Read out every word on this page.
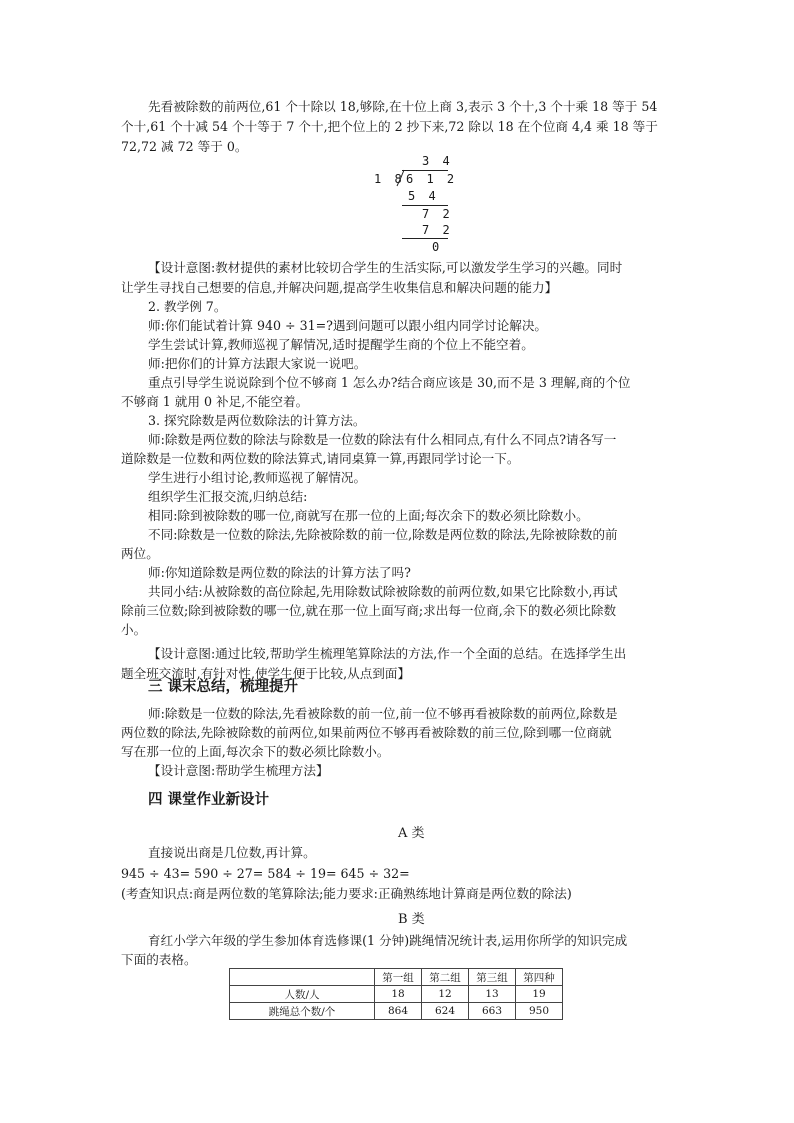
先看被除数的前两位,61 个十除以 18,够除,在十位上商 3,表示 3 个十,3 个十乘 18 等于 54
个十,61 个十减 54 个十等于 7 个十,把个位上的 2 抄下来,72 除以 18 在个位商 4,4 乘 18 等于
72,72 减 72 等于 0。
3 4
1 8 6 1 2
5 4
7 2
7 2
0
【设计意图:教材提供的素材比较切合学生的生活实际,可以激发学生学习的兴趣。同时
让学生寻找自己想要的信息,并解决问题,提高学生收集信息和解决问题的能力】
2. 教学例 7。
师:你们能试着计算 940 ÷ 31=?遇到问题可以跟小组内同学讨论解决。
学生尝试计算,教师巡视了解情况,适时提醒学生商的个位上不能空着。
师:把你们的计算方法跟大家说一说吧。
重点引导学生说说除到个位不够商 1 怎么办?结合商应该是 30,而不是 3 理解,商的个位
不够商 1 就用 0 补足,不能空着。
3. 探究除数是两位数除法的计算方法。
师:除数是两位数的除法与除数是一位数的除法有什么相同点,有什么不同点?请各写一
道除数是一位数和两位数的除法算式,请同桌算一算,再跟同学讨论一下。
学生进行小组讨论,教师巡视了解情况。
组织学生汇报交流,归纳总结:
相同:除到被除数的哪一位,商就写在那一位的上面;每次余下的数必须比除数小。
不同:除数是一位数的除法,先除被除数的前一位,除数是两位数的除法,先除被除数的前
两位。
师:你知道除数是两位数的除法的计算方法了吗?
共同小结:从被除数的高位除起,先用除数试除被除数的前两位数,如果它比除数小,再试
除前三位数;除到被除数的哪一位,就在那一位上面写商;求出每一位商,余下的数必须比除数
小。
【设计意图:通过比较,帮助学生梳理笔算除法的方法,作一个全面的总结。在选择学生出
题全班交流时,有针对性,使学生便于比较,从点到面】
三 课末总结，梳理提升
师:除数是一位数的除法,先看被除数的前一位,前一位不够再看被除数的前两位,除数是
两位数的除法,先除被除数的前两位,如果前两位不够再看被除数的前三位,除到哪一位商就
写在那一位的上面,每次余下的数必须比除数小。
【设计意图:帮助学生梳理方法】
四 课堂作业新设计
A 类
直接说出商是几位数,再计算。
945 ÷ 43= 590 ÷ 27= 584 ÷ 19= 645 ÷ 32=
(考查知识点:商是两位数的笔算除法;能力要求:正确熟练地计算商是两位数的除法)
B 类
育红小学六年级的学生参加体育选修课(1 分钟)跳绳情况统计表,运用你所学的知识完成
下面的表格。
	第一组	第二组	第三组	第四种
人数/人	18	12	13	19
跳绳总个数/个	864	624	663	950
